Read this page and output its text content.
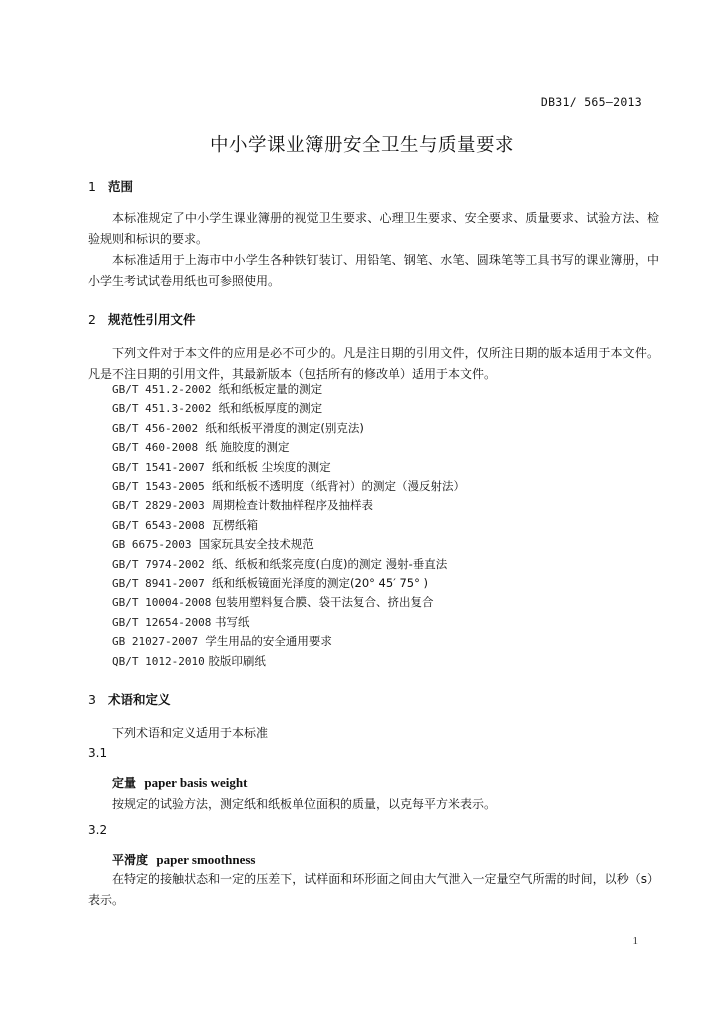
DB31/ 565—2013
中小学课业簿册安全卫生与质量要求
1 范围
本标准规定了中小学生课业簿册的视觉卫生要求、心理卫生要求、安全要求、质量要求、试验方法、检验规则和标识的要求。
本标准适用于上海市中小学生各种铁钉装订、用铅笔、钢笔、水笔、圆珠笔等工具书写的课业簿册，中小学生考试试卷用纸也可参照使用。
2 规范性引用文件
下列文件对于本文件的应用是必不可少的。凡是注日期的引用文件，仅所注日期的版本适用于本文件。凡是不注日期的引用文件，其最新版本（包括所有的修改单）适用于本文件。
GB/T 451.2-2002 纸和纸板定量的测定
GB/T 451.3-2002 纸和纸板厚度的测定
GB/T 456-2002 纸和纸板平滑度的测定(别克法)
GB/T 460-2008 纸 施胶度的测定
GB/T 1541-2007 纸和纸板 尘埃度的测定
GB/T 1543-2005 纸和纸板不透明度（纸背衬）的测定（漫反射法）
GB/T 2829-2003 周期检查计数抽样程序及抽样表
GB/T 6543-2008 瓦楞纸箱
GB 6675-2003 国家玩具安全技术规范
GB/T 7974-2002 纸、纸板和纸浆亮度(白度)的测定 漫射-垂直法
GB/T 8941-2007 纸和纸板镜面光泽度的测定(20° 45′ 75° )
GB/T 10004-2008 包装用塑料复合膜、袋干法复合、挤出复合
GB/T 12654-2008 书写纸
GB 21027-2007 学生用品的安全通用要求
QB/T 1012-2010 胶版印刷纸
3 术语和定义
下列术语和定义适用于本标准
3.1
定量 paper basis weight
按规定的试验方法，测定纸和纸板单位面积的质量，以克每平方米表示。
3.2
平滑度 paper smoothness
在特定的接触状态和一定的压差下，试样面和环形面之间由大气泄入一定量空气所需的时间，以秒（s）表示。
1
